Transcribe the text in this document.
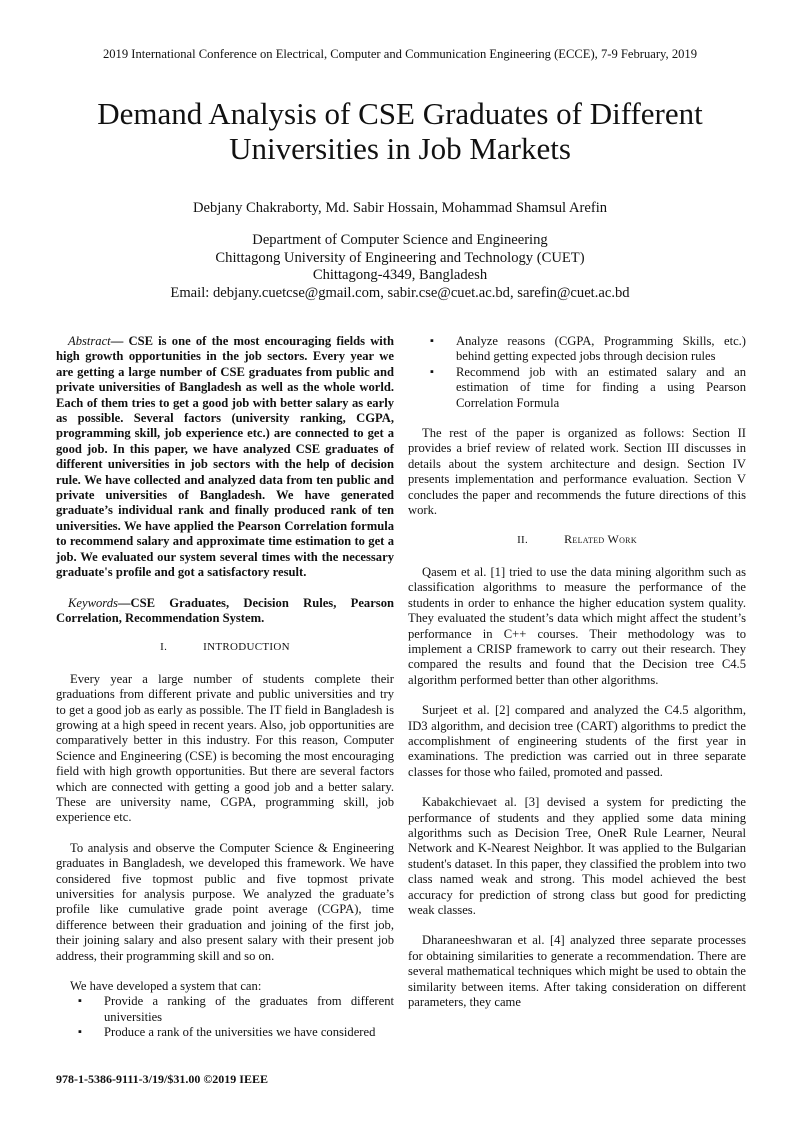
2019 International Conference on Electrical, Computer and Communication Engineering (ECCE), 7-9 February, 2019
Demand Analysis of CSE Graduates of Different
Universities in Job Markets
Debjany Chakraborty, Md. Sabir Hossain, Mohammad Shamsul Arefin
Department of Computer Science and Engineering
Chittagong University of Engineering and Technology (CUET)
Chittagong-4349, Bangladesh
Email: debjany.cuetcse@gmail.com, sabir.cse@cuet.ac.bd, sarefin@cuet.ac.bd

Abstract— CSE is one of the most encouraging fields with high growth opportunities in the job sectors. Every year we are getting a large number of CSE graduates from public and private universities of Bangladesh as well as the whole world. Each of them tries to get a good job with better salary as early as possible. Several factors (university ranking, CGPA, programming skill, job experience etc.) are connected to get a good job. In this paper, we have analyzed CSE graduates of different universities in job sectors with the help of decision rule. We have collected and analyzed data from ten public and private universities of Bangladesh. We have generated graduate’s individual rank and finally produced rank of ten universities. We have applied the Pearson Correlation formula to recommend salary and approximate time estimation to get a job. We evaluated our system several times with the necessary graduate's profile and got a satisfactory result.

Keywords—CSE Graduates, Decision Rules, Pearson Correlation, Recommendation System.

I.	INTRODUCTION

Every year a large number of students complete their graduations from different private and public universities and try to get a good job as early as possible. The IT field in Bangladesh is growing at a high speed in recent years. Also, job opportunities are comparatively better in this industry. For this reason, Computer Science and Engineering (CSE) is becoming the most encouraging field with high growth opportunities. But there are several factors which are connected with getting a good job and a better salary. These are university name, CGPA, programming skill, job experience etc.

To analysis and observe the Computer Science & Engineering graduates in Bangladesh, we developed this framework. We have considered five topmost public and five topmost private universities for analysis purpose. We analyzed the graduate’s profile like cumulative grade point average (CGPA), time difference between their graduation and joining of the first job, their joining salary and also present salary with their present job address, their programming skill and so on.

We have developed a system that can:

▪ Provide a ranking of the graduates from different universities
▪ Produce a rank of the universities we have considered
▪ Analyze reasons (CGPA, Programming Skills, etc.) behind getting expected jobs through decision rules
▪ Recommend job with an estimated salary and an estimation of time for finding a using Pearson Correlation Formula

The rest of the paper is organized as follows: Section II provides a brief review of related work. Section III discusses in details about the system architecture and design. Section IV presents implementation and performance evaluation. Section V concludes the paper and recommends the future directions of this work.

II.	Related Work

Qasem et al. [1] tried to use the data mining algorithm such as classification algorithms to measure the performance of the students in order to enhance the higher education system quality. They evaluated the student’s data which might affect the student’s performance in C++ courses. Their methodology was to implement a CRISP framework to carry out their research. They compared the results and found that the Decision tree C4.5 algorithm performed better than other algorithms.

Surjeet et al. [2] compared and analyzed the C4.5 algorithm, ID3 algorithm, and decision tree (CART) algorithms to predict the accomplishment of engineering students of the first year in examinations. The prediction was carried out in three separate classes for those who failed, promoted and passed.

Kabakchievaet al. [3] devised a system for predicting the performance of students and they applied some data mining algorithms such as Decision Tree, OneR Rule Learner, Neural Network and K-Nearest Neighbor. It was applied to the Bulgarian student's dataset. In this paper, they classified the problem into two class named weak and strong. This model achieved the best accuracy for prediction of strong class but good for predicting weak classes.

Dharaneeshwaran et al. [4] analyzed three separate processes for obtaining similarities to generate a recommendation. There are several mathematical techniques which might be used to obtain the similarity between items. After taking consideration on different parameters, they came

978-1-5386-9111-3/19/$31.00 ©2019 IEEE
